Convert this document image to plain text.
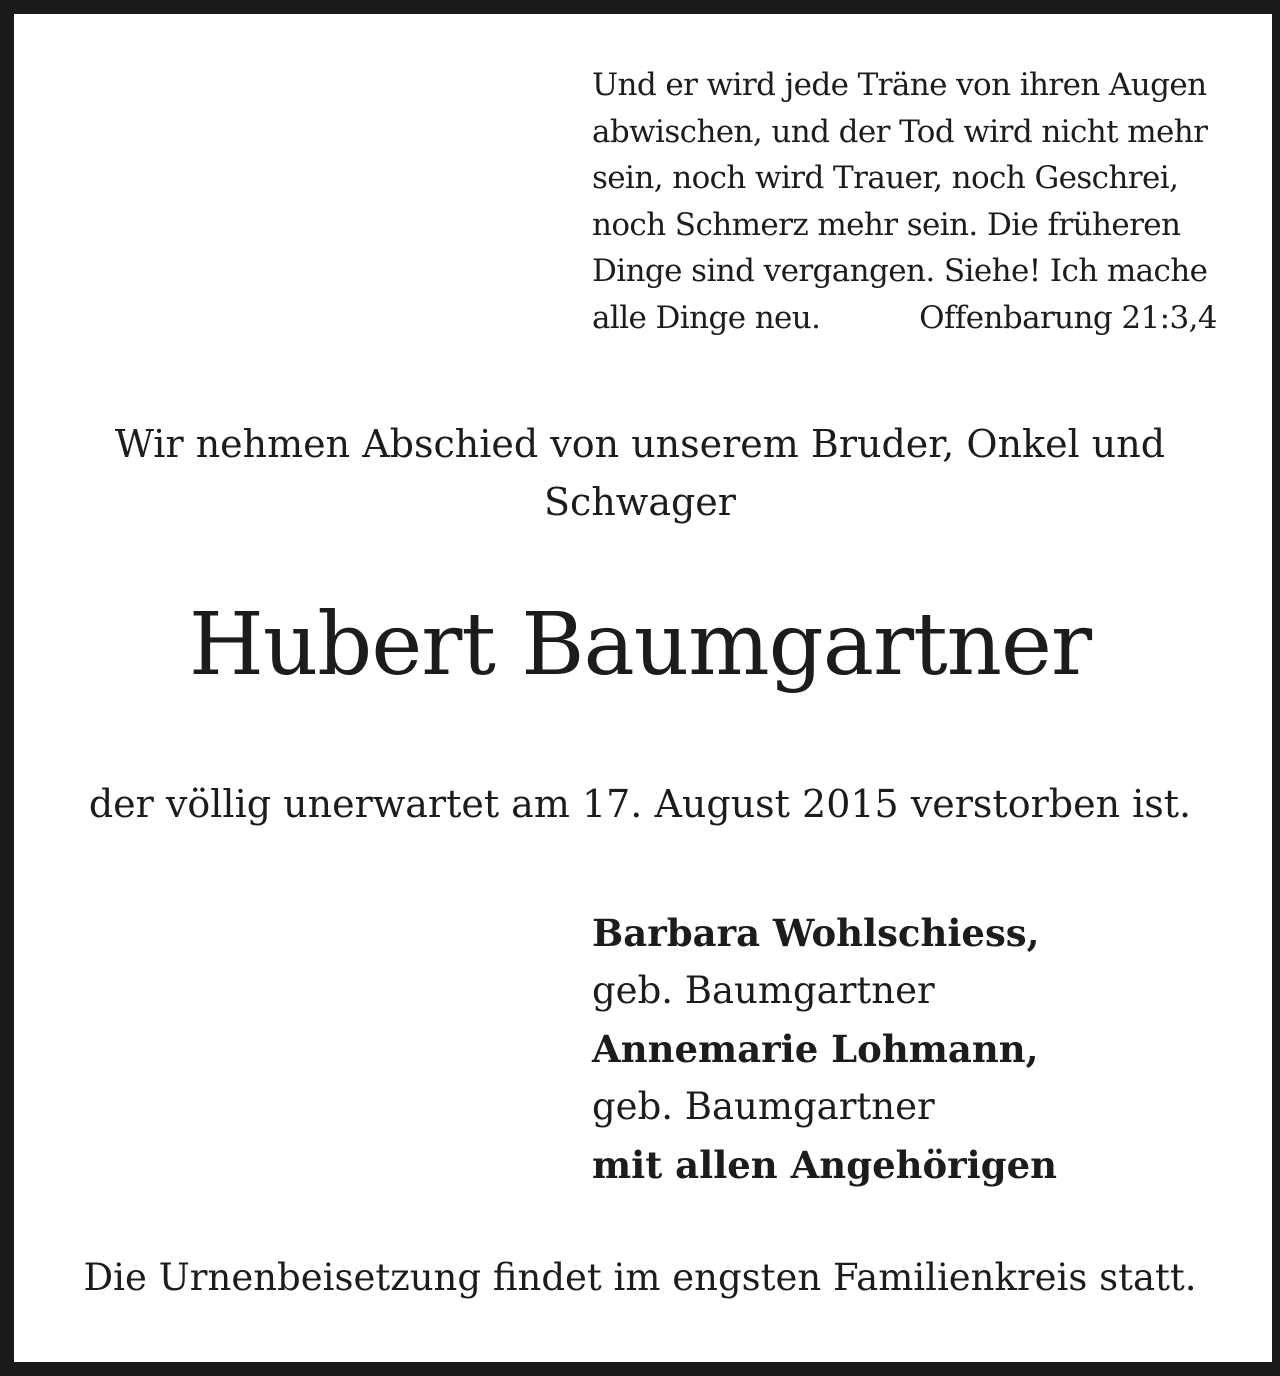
Und er wird jede Träne von ihren Augen
abwischen, und der Tod wird nicht mehr
sein, noch wird Trauer, noch Geschrei,
noch Schmerz mehr sein. Die früheren
Dinge sind vergangen. Siehe! Ich mache
alle Dinge neu.	Offenbarung 21:3,4
Wir nehmen Abschied von unserem Bruder, Onkel und Schwager
Hubert Baumgartner
der völlig unerwartet am 17. August 2015 verstorben ist.
Barbara Wohlschiess,
geb. Baumgartner
Annemarie Lohmann,
geb. Baumgartner
mit allen Angehörigen
Die Urnenbeisetzung findet im engsten Familienkreis statt.
